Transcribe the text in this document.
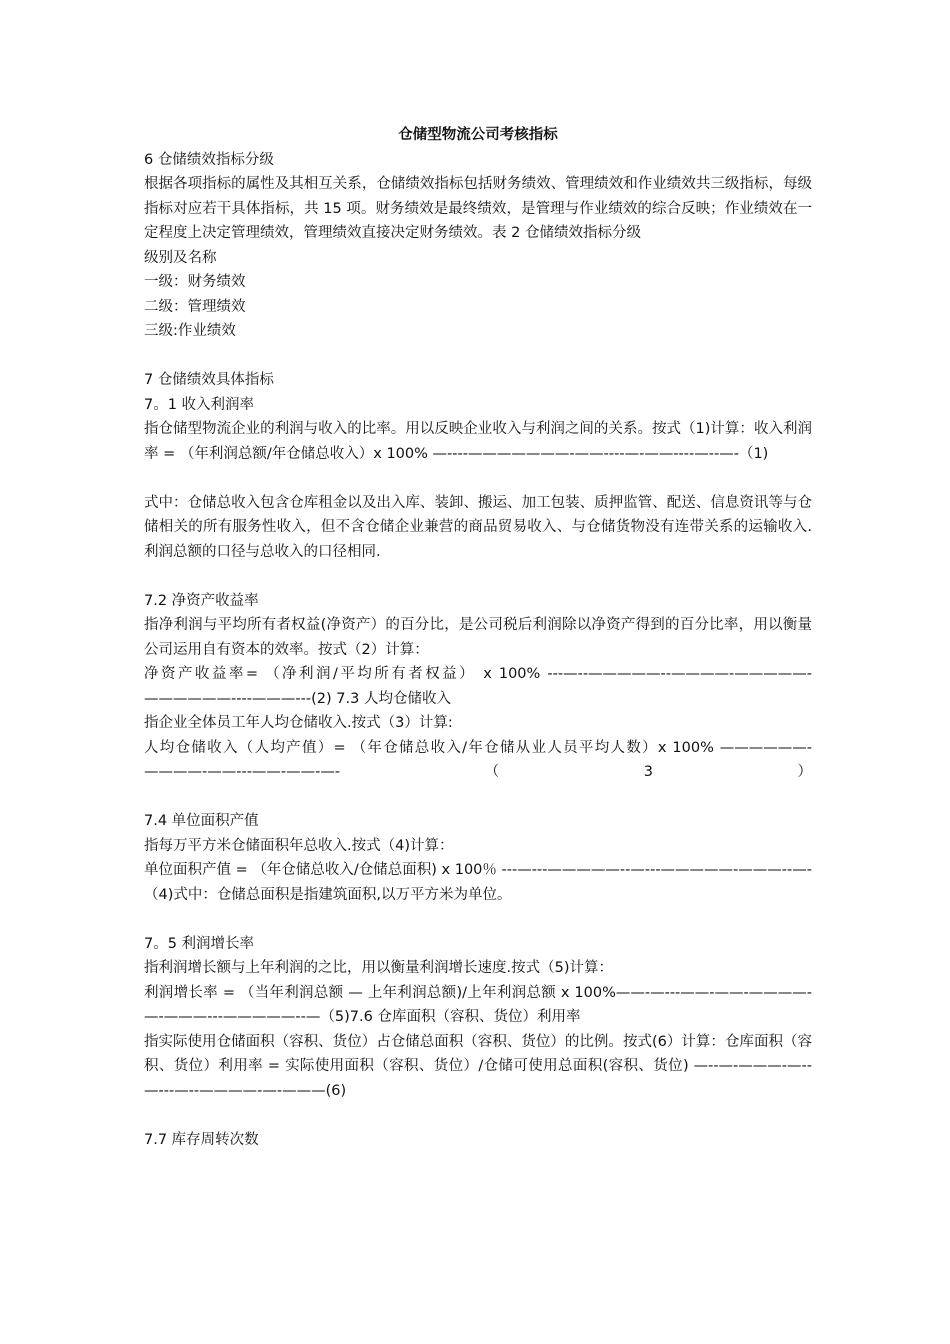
仓储型物流公司考核指标

6 仓储绩效指标分级

根据各项指标的属性及其相互关系，仓储绩效指标包括财务绩效、管理绩效和作业绩效共三级指标，每级指标对应若干具体指标，共 15 项。财务绩效是最终绩效，是管理与作业绩效的综合反映；作业绩效在一定程度上决定管理绩效，管理绩效直接决定财务绩效。表 2 仓储绩效指标分级

级别及名称

一级：财务绩效

二级：管理绩效

三级:作业绩效

7 仓储绩效具体指标

7。1 收入利润率

指仓储型物流企业的利润与收入的比率。用以反映企业收入与利润之间的关系。按式（1)计算：收入利润率 = （年利润总额/年仓储总收入）x 100% —----———————-——----—-——----—--—-（1)

式中：仓储总收入包含仓库租金以及出入库、装卸、搬运、加工包装、质押监管、配送、信息资讯等与仓储相关的所有服务性收入，但不含仓储企业兼营的商品贸易收入、与仓储货物没有连带关系的运输收入.利润总额的口径与总收入的口径相同.

7.2 净资产收益率

指净利润与平均所有者权益(净资产）的百分比，是公司税后利润除以净资产得到的百分比率，用以衡量公司运用自有资本的效率。按式（2）计算：

净资产收益率= （净利润/平均所有者权益） x 100% ---—--—————--————-—————-——————----———---(2) 7.3 人均仓储收入

指企业全体员工年人均仓储收入.按式（3）计算:

人均仓储收入（人均产值）= （年仓储总收入/年仓储从业人员平均人数）x 100% ——————-————-——---——-——-—-（3）

7.4 单位面积产值

指每万平方米仓储面积年总收入.按式（4)计算：

单位面积产值 = （年仓储总收入/仓储总面积) x 100％ ---—---—————--—---—————-———--—-（4)式中：仓储总面积是指建筑面积,以万平方米为单位。

7。5 利润增长率

指利润增长额与上年利润的之比，用以衡量利润增长速度.按式（5)计算：

利润增长率 = （当年利润总额 — 上年利润总额)/上年利润总额 x 100%——-—---——-——-————-—-———---—————--—（5)7.6 仓库面积（容积、货位）利用率

指实际使用仓储面积（容积、货位）占仓储总面积（容积、货位）的比例。按式(6）计算：仓库面积（容积、货位）利用率 = 实际使用面积（容积、货位）/仓储可使用总面积(容积、货位) —--—-———-—--—---—--————-—-———(6)

7.7 库存周转次数
